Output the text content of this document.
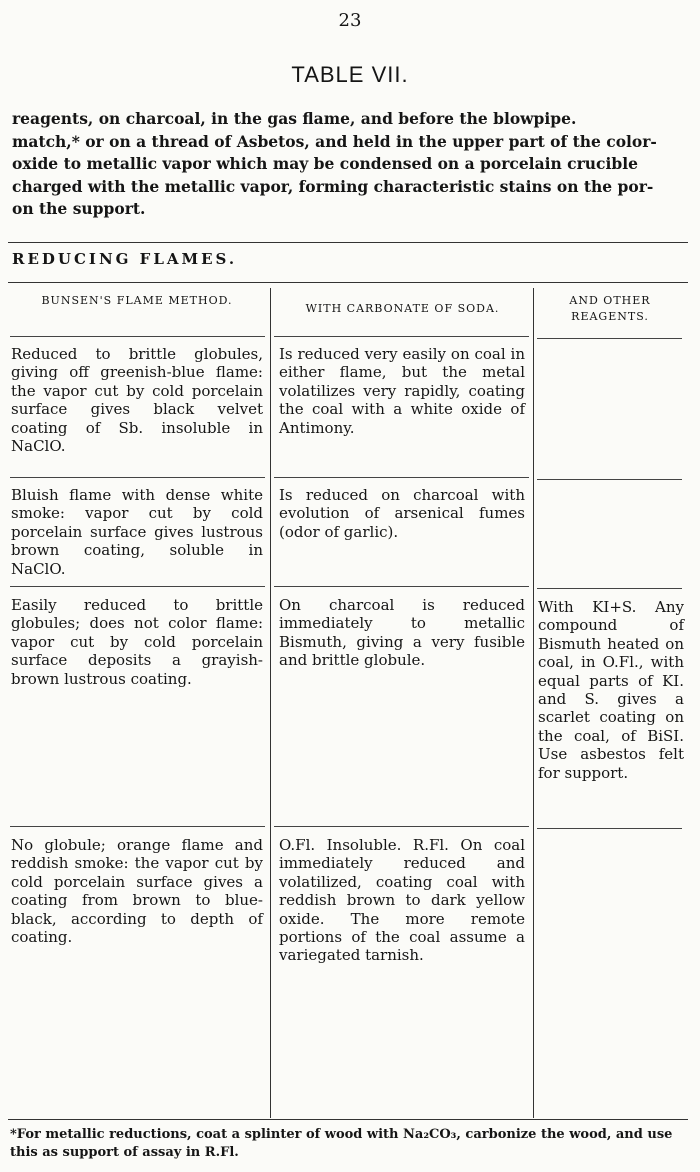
23
TABLE VII.
reagents, on charcoal, in the gas flame, and before the blowpipe.
match,* or on a thread of Asbetos, and held in the upper part of the color-
oxide to metallic vapor which may be condensed on a porcelain crucible
charged with the metallic vapor, forming characteristic stains on the por-
on the support.
REDUCING FLAMES.
BUNSEN'S FLAME METHOD.
WITH CARBONATE OF SODA.
AND OTHER REAGENTS.
Reduced to brittle globules, giving off greenish-blue flame: the vapor cut by cold porcelain surface gives black velvet coating of Sb. insoluble in NaClO.
Is reduced very easily on coal in either flame, but the metal volatilizes very rapidly, coating the coal with a white oxide of Antimony.
Bluish flame with dense white smoke: vapor cut by cold porcelain surface gives lustrous brown coating, soluble in NaClO.
Is reduced on charcoal with evolution of arsenical fumes (odor of garlic).
Easily reduced to brittle globules; does not color flame: vapor cut by cold porcelain surface deposits a grayish-brown lustrous coating.
On charcoal is reduced immediately to metallic Bismuth, giving a very fusible and brittle globule.
With KI+S. Any compound of Bismuth heated on coal, in O.Fl., with equal parts of KI. and S. gives a scarlet coating on the coal, of BiSI. Use asbestos felt for support.
No globule; orange flame and reddish smoke: the vapor cut by cold porcelain surface gives a coating from brown to blue-black, according to depth of coating.
O.Fl. Insoluble. R.Fl. On coal immediately reduced and volatilized, coating coal with reddish brown to dark yellow oxide. The more remote portions of the coal assume a variegated tarnish.
*For metallic reductions, coat a splinter of wood with Na₂CO₃, carbonize the wood, and use this as support of assay in R.Fl.
